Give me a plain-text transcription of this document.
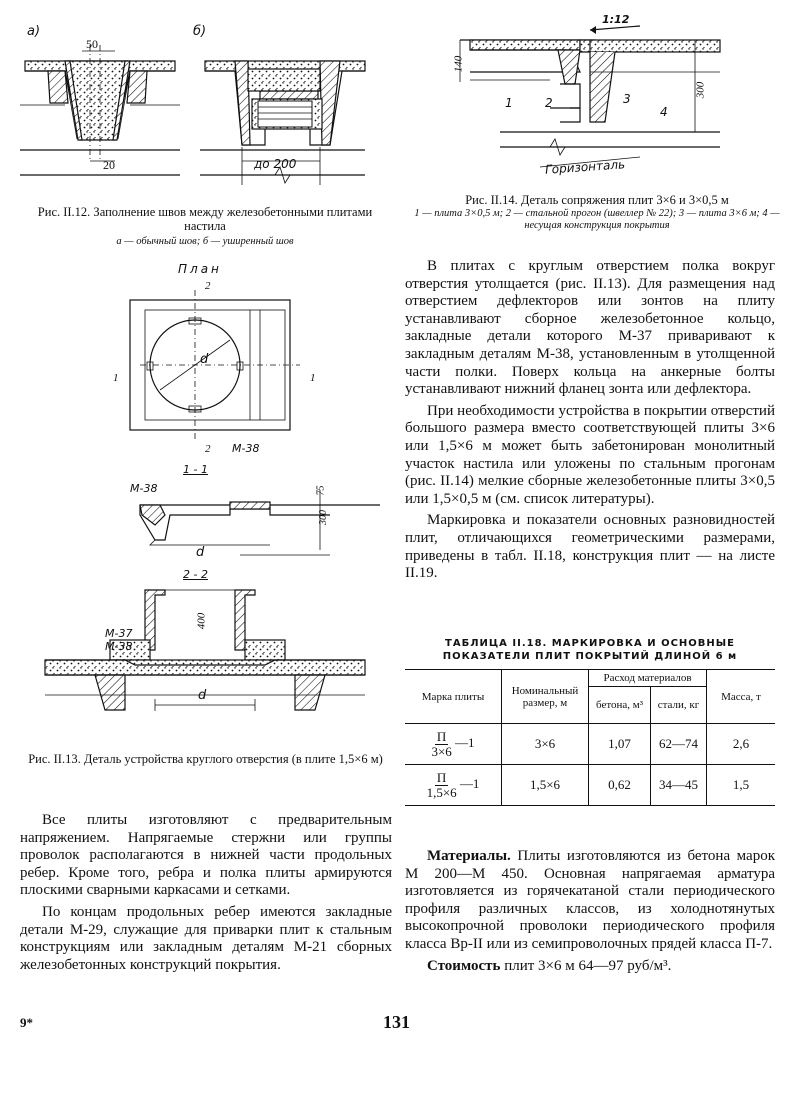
а)	б)
50
20	до 200
Рис. II.12. Заполнение швов между железобетонными плитами настила
а — обычный шов; б — уширенный шов
1:12
140
300
1	2	3
4
Горизонталь
Рис. II.14. Деталь сопряжения плит 3×6 и 3×0,5 м
1 — плита 3×0,5 м; 2 — стальной прогон (швеллер № 22); 3 — плита 3×6 м; 4 — несущая конструкция покрытия
План
2
2
1	1
d
М-38
1 - 1
М-38	75
300
d
2 - 2
М-37
М-38
400
d
Рис. II.13. Деталь устройства круглого отверстия (в плите 1,5×6 м)

В плитах с круглым отверстием полка вокруг отверстия утолщается (рис. II.13). Для размещения над отверстием дефлекторов или зонтов на плиту устанавливают сборное железобетонное кольцо, закладные детали которого М-37 приваривают к закладным деталям М-38, установленным в утолщенной части полки. Поверх кольца на анкерные болты устанавливают нижний фланец зонта или дефлектора.

При необходимости устройства в покрытии отверстий большого размера вместо соответствующей плиты 3×6 или 1,5×6 м может быть забетонирован монолитный участок настила или уложены по стальным прогонам (рис. II.14) мелкие сборные железобетонные плиты 3×0,5 или 1,5×0,5 м (см. список литературы).

Маркировка и показатели основных разновидностей плит, отличающихся геометрическими размерами, приведены в табл. II.18, конструкция плит — на листе II.19.

ТАБЛИЦА II.18. МАРКИРОВКА И ОСНОВНЫЕ
ПОКАЗАТЕЛИ ПЛИТ ПОКРЫТИЙ ДЛИНОЙ 6 м
Марка плиты	Номинальный размер, м	Расход материалов		Масса, т
		бетона, м³	стали, кг	
$\frac{П}{3\times 6}$ —1	3×6	1,07	62—74	2,6
$\frac{П}{1,5\times 6}$ —1	1,5×6	0,62	34—45	1,5

Все плиты изготовляют с предварительным напряжением. Напрягаемые стержни или группы проволок располагаются в нижней части продольных ребер. Кроме того, ребра и полка плиты армируются плоскими сварными каркасами и сетками.

По концам продольных ребер имеются закладные детали М-29, служащие для приварки плит к стальным конструкциям или закладным деталям М-21 сборных железобетонных конструкций покрытия.

Материалы. Плиты изготовляются из бетона марок М 200—М 450. Основная напрягаемая арматура изготовляется из горячекатаной стали периодического профиля различных классов, из холоднотянутых высокопрочной проволоки периодического профиля класса Вр-II или из семипроволочных прядей класса П-7.

Стоимость плит 3×6 м 64—97 руб/м³.

9*	131
